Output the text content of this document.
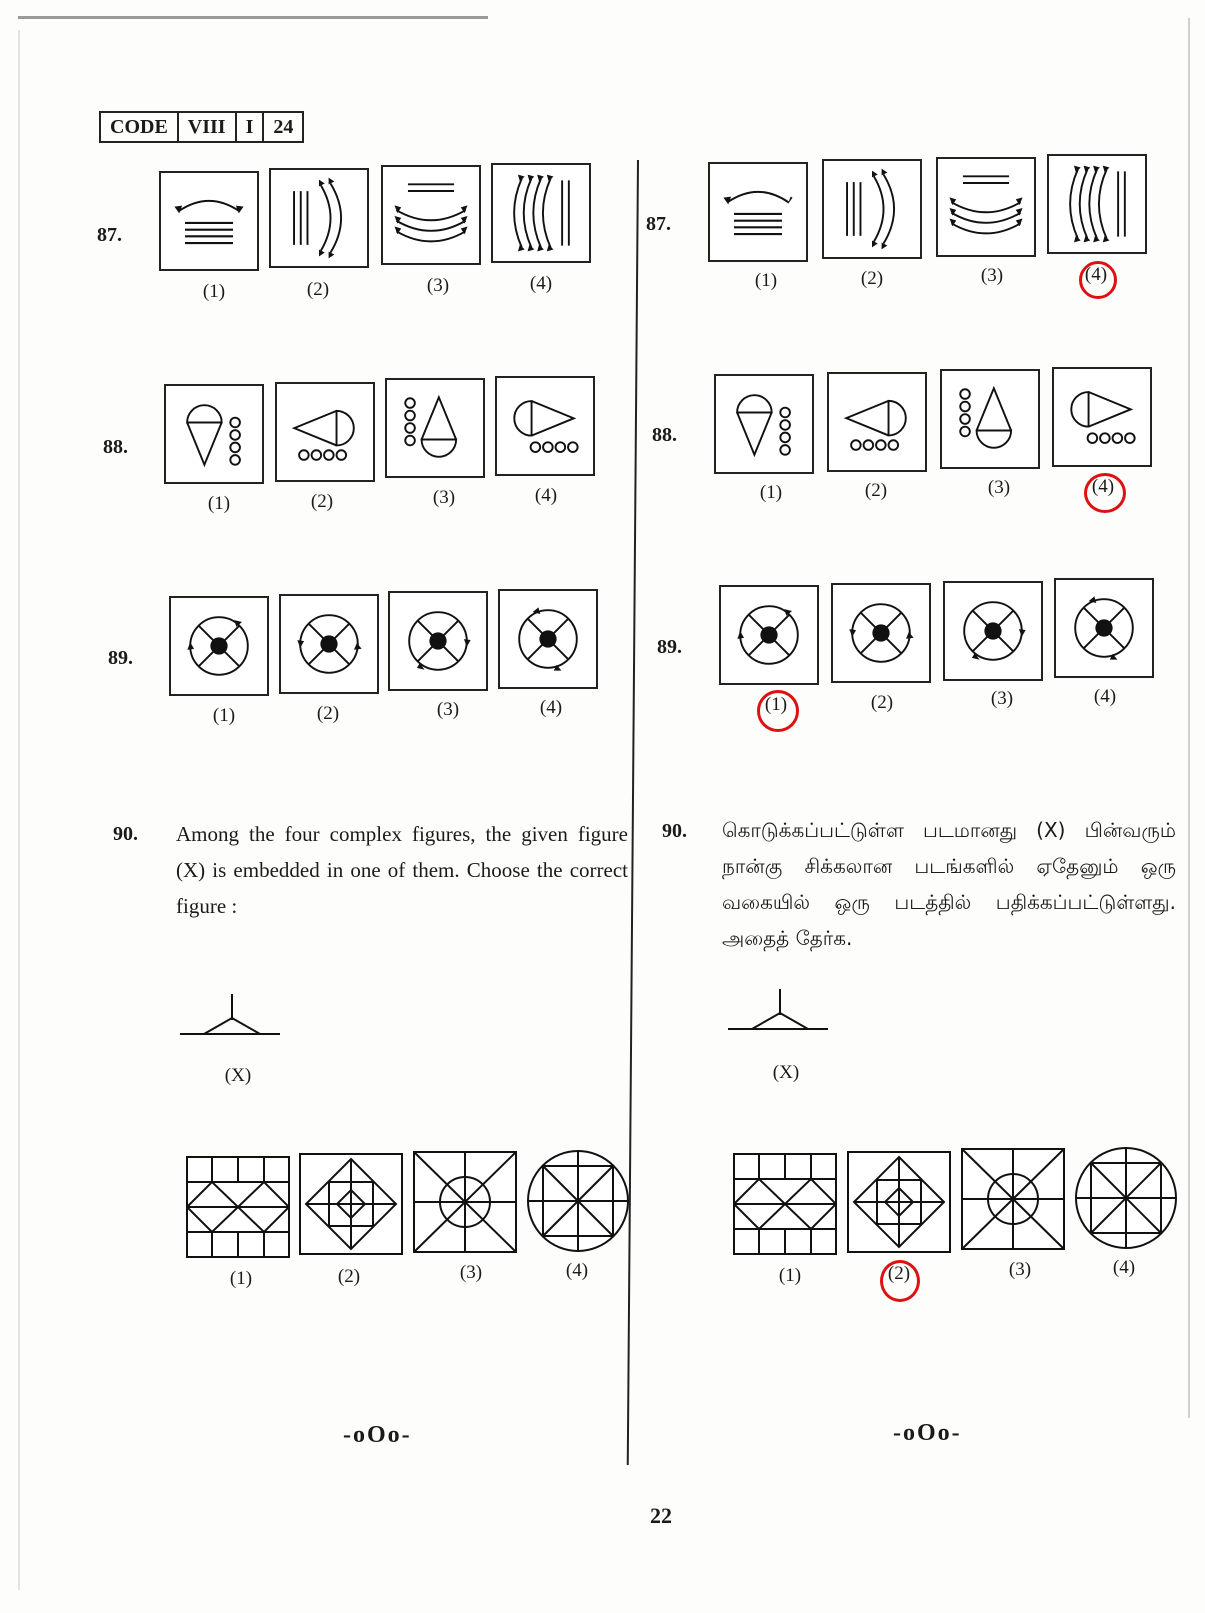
CODE	VIII	I	24
87.
(1)	(2)	(3)	(4)
88.
(1)	(2)	(3)	(4)
89.
(1)	(2)	(3)	(4)
90. Among the four complex figures, the given figure (X) is embedded in one of them. Choose the correct figure :
(X)
(1)	(2)	(3)	(4)
-oOo-
87.
(1)	(2)	(3)	(4)
88.
(1)	(2)	(3)	(4)
89.
(1)	(2)	(3)	(4)
90. கொடுக்கப்பட்டுள்ள படமானது (X) பின்வரும் நான்கு சிக்கலான படங்களில் ஏதேனும் ஒரு வகையில் ஒரு படத்தில் பதிக்கப்பட்டுள்ளது. அதைத் தேர்க.
(X)
(1)	(2)	(3)	(4)
-oOo-
22
